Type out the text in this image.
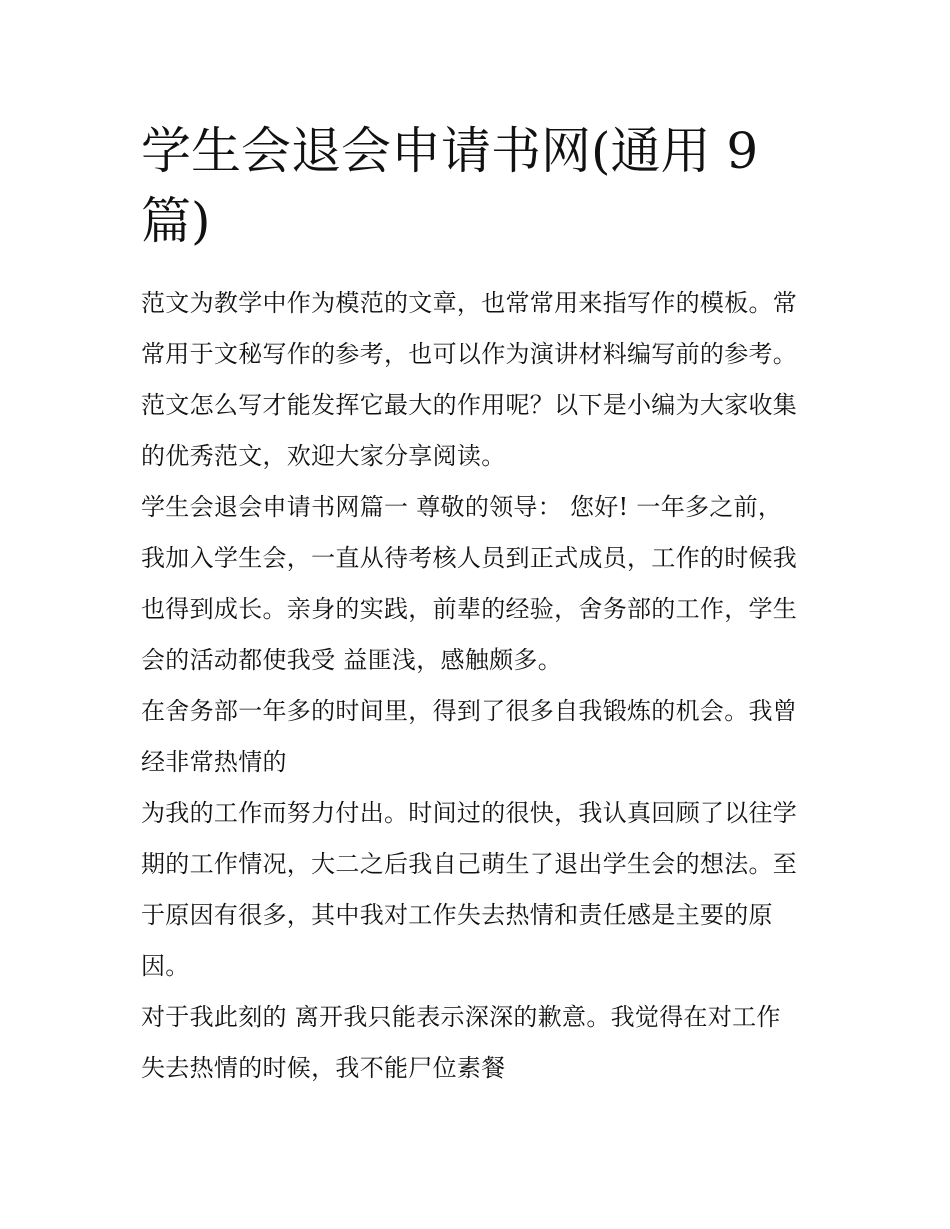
学生会退会申请书网(通用 9
篇)
范文为教学中作为模范的文章，也常常用来指写作的模板。常
常用于文秘写作的参考，也可以作为演讲材料编写前的参考。
范文怎么写才能发挥它最大的作用呢？以下是小编为大家收集
的优秀范文，欢迎大家分享阅读。
学生会退会申请书网篇一 尊敬的领导： 您好! 一年多之前，
我加入学生会，一直从待考核人员到正式成员，工作的时候我
也得到成长。亲身的实践，前辈的经验，舍务部的工作，学生
会的活动都使我受 益匪浅，感触颇多。
在舍务部一年多的时间里，得到了很多自我锻炼的机会。我曾
经非常热情的
为我的工作而努力付出。时间过的很快，我认真回顾了以往学
期的工作情况，大二之后我自己萌生了退出学生会的想法。至
于原因有很多，其中我对工作失去热情和责任感是主要的原
因。
对于我此刻的 离开我只能表示深深的歉意。我觉得在对工作
失去热情的时候，我不能尸位素餐
